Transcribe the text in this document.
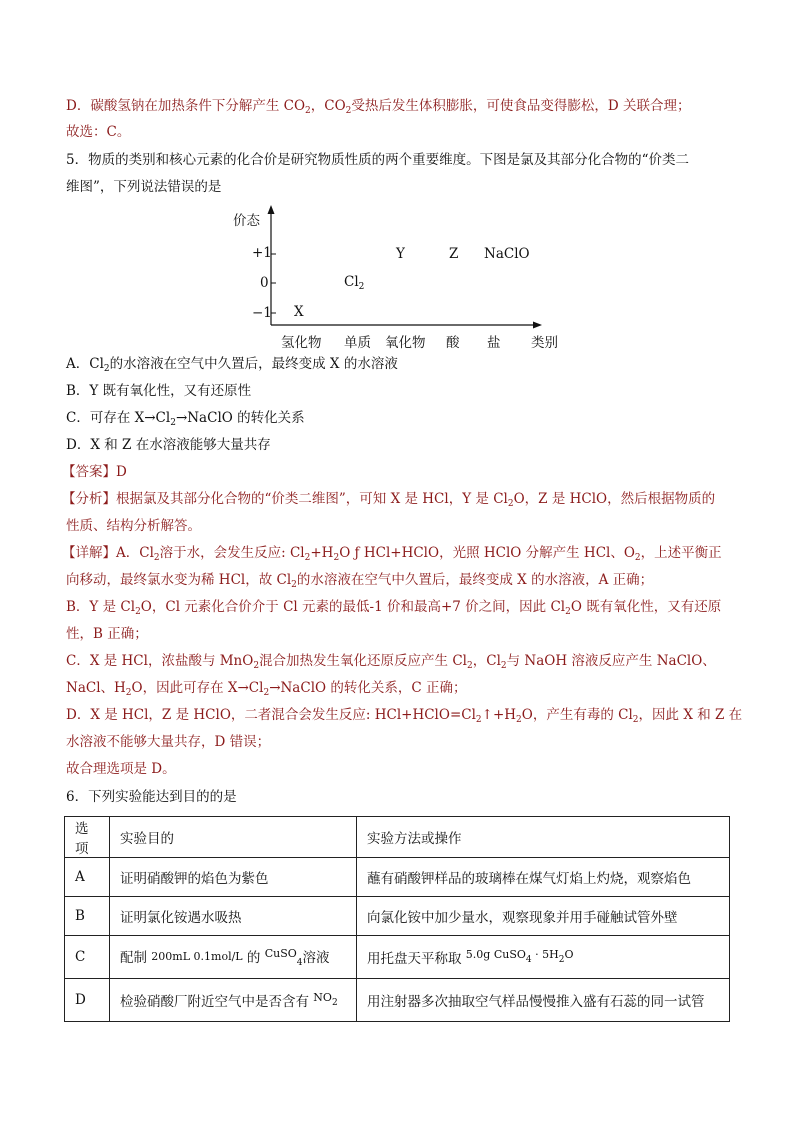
D．碳酸氢钠在加热条件下分解产生 $CO_2$，$CO_2$受热后发生体积膨胀，可使食品变得膨松，D 关联合理；
故选：C。
5．物质的类别和核心元素的化合价是研究物质性质的两个重要维度。下图是氯及其部分化合物的“价类二
维图”，下列说法错误的是
价态
+1
0
−1
氢化物 单质 氧化物 酸 盐 类别
X
$Cl_2$
Y	Z NaClO
A．$Cl_2$的水溶液在空气中久置后，最终变成 X 的水溶液
B．Y 既有氧化性，又有还原性
C．可存在 $X\to Cl_2\to NaClO$ 的转化关系
D．X 和 Z 在水溶液能够大量共存
【答案】D
【分析】根据氯及其部分化合物的“价类二维图”，可知 X 是 HCl，Y 是 $Cl_2O$，Z 是 HClO，然后根据物质的
性质、结构分析解答。
【详解】A．$Cl_2$溶于水，会发生反应: $Cl_2+H_2O$ ƒ HCl+HClO，光照 HClO 分解产生 HCl、$O_2$，上述平衡正
向移动，最终氯水变为稀 HCl，故 $Cl_2$的水溶液在空气中久置后，最终变成 X 的水溶液，A 正确；
B．Y 是 $Cl_2O$，Cl 元素化合价介于 Cl 元素的最低-1 价和最高+7 价之间，因此 $Cl_2O$ 既有氧化性，又有还原
性，B 正确；
C．X 是 HCl，浓盐酸与 MnO$_2$混合加热发生氧化还原反应产生 $Cl_2$，$Cl_2$与 NaOH 溶液反应产生 NaClO、
NaCl、$H_2O$，因此可存在 $X\to Cl_2\to NaClO$ 的转化关系，C 正确；
D．X 是 HCl，Z 是 HClO，二者混合会发生反应: $HCl+HClO=Cl_2↑+H_2O$，产生有毒的 $Cl_2$，因此 X 和 Z 在
水溶液不能够大量共存，D 错误；
故合理选项是 D。
6．下列实验能达到目的的是
选项	实验目的	实验方法或操作
A	证明硝酸钾的焰色为紫色	蘸有硝酸钾样品的玻璃棒在煤气灯焰上灼烧，观察焰色
B	证明氯化铵遇水吸热	向氯化铵中加少量水，观察现象并用手碰触试管外壁
C	配制 200mL 0.1mol/L 的 $^{CuSO}_4$溶液	用托盘天平称取 $^{5.0g CuSO}$4 $^{\cdot 5H}2^O$
D	检验硝酸厂附近空气中是否含有 $^{NO}$2	用注射器多次抽取空气样品慢慢推入盛有石蕊的同一试管
